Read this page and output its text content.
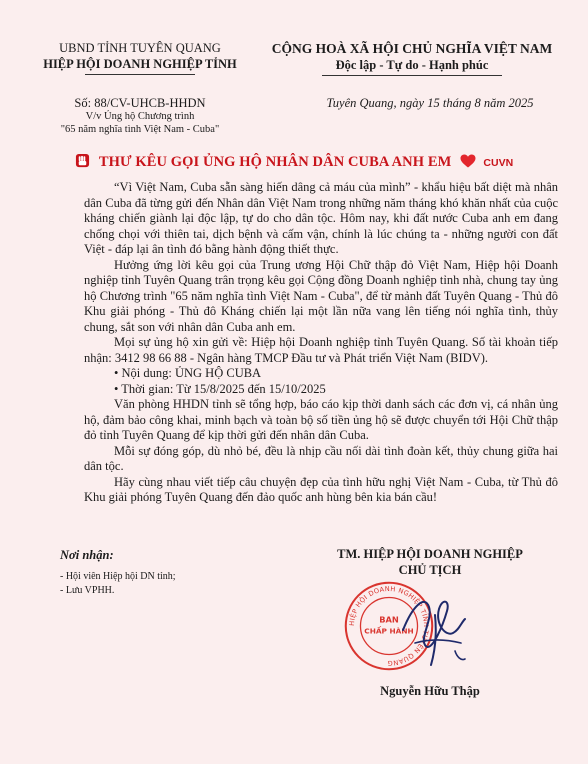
UBND TỈNH TUYÊN QUANG
HIỆP HỘI DOANH NGHIỆP TỈNH
CỘNG HOÀ XÃ HỘI CHỦ NGHĨA VIỆT NAM
Độc lập - Tự do - Hạnh phúc
Số: 88/CV-UHCB-HHDN
V/v Ủng hộ Chương trình
"65 năm nghĩa tình Việt Nam - Cuba"
Tuyên Quang, ngày 15 tháng 8 năm 2025
THƯ KÊU GỌI ỦNG HỘ NHÂN DÂN CUBA ANH EM	CUVN

“Vì Việt Nam, Cuba sẵn sàng hiến dâng cả máu của mình” - khẩu hiệu bất diệt mà nhân dân Cuba đã từng gửi đến Nhân dân Việt Nam trong những năm tháng khó khăn nhất của cuộc kháng chiến giành lại độc lập, tự do cho dân tộc. Hôm nay, khi đất nước Cuba anh em đang chống chọi với thiên tai, dịch bệnh và cấm vận, chính là lúc chúng ta - những người con đất Việt - đáp lại ân tình đó bằng hành động thiết thực.

Hưởng ứng lời kêu gọi của Trung ương Hội Chữ thập đỏ Việt Nam, Hiệp hội Doanh nghiệp tỉnh Tuyên Quang trân trọng kêu gọi Cộng đồng Doanh nghiệp tỉnh nhà, chung tay ủng hộ Chương trình "65 năm nghĩa tình Việt Nam - Cuba", để từ mảnh đất Tuyên Quang - Thủ đô Khu giải phóng - Thủ đô Kháng chiến lại một lần nữa vang lên tiếng nói nghĩa tình, thủy chung, sắt son với nhân dân Cuba anh em.

Mọi sự ủng hộ xin gửi về: Hiệp hội Doanh nghiệp tỉnh Tuyên Quang. Số tài khoản tiếp nhận: 3412 98 66 88 - Ngân hàng TMCP Đầu tư và Phát triển Việt Nam (BIDV).

• Nội dung: ỦNG HỘ CUBA

• Thời gian: Từ 15/8/2025 đến 15/10/2025

Văn phòng HHDN tỉnh sẽ tổng hợp, báo cáo kịp thời danh sách các đơn vị, cá nhân ủng hộ, đảm bảo công khai, minh bạch và toàn bộ số tiền ủng hộ sẽ được chuyển tới Hội Chữ thập đỏ tỉnh Tuyên Quang để kịp thời gửi đến nhân dân Cuba.

Mỗi sự đóng góp, dù nhỏ bé, đều là nhịp cầu nối dài tình đoàn kết, thủy chung giữa hai dân tộc.

Hãy cùng nhau viết tiếp câu chuyện đẹp của tình hữu nghị Việt Nam - Cuba, từ Thủ đô Khu giải phóng Tuyên Quang đến đảo quốc anh hùng bên kia bán cầu!

Nơi nhận:
- Hội viên Hiệp hội DN tỉnh;
- Lưu VPHH.
TM. HIỆP HỘI DOANH NGHIỆP
CHỦ TỊCH
HIỆP HỘI DOANH NGHIỆP TỈNH TUYÊN QUANG
BAN
CHẤP HÀNH
Nguyễn Hữu Thập
